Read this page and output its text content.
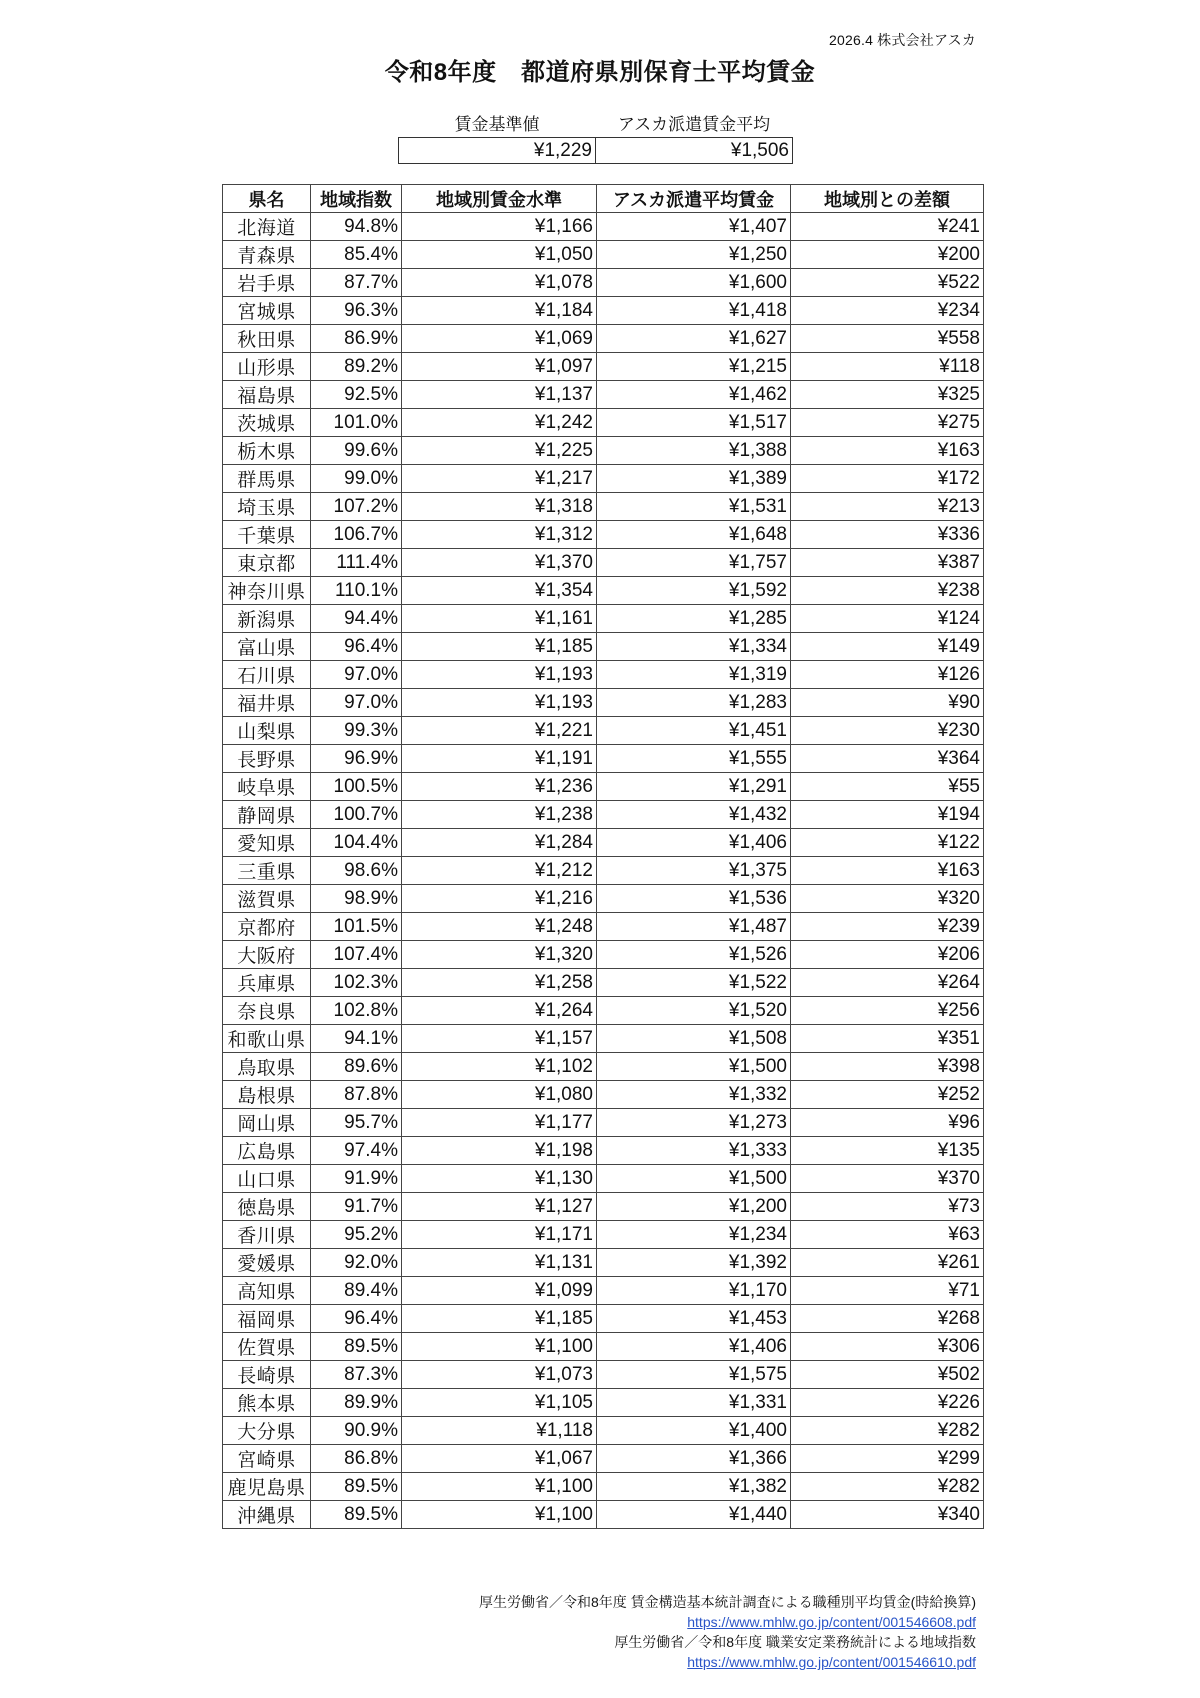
2026.4 株式会社アスカ
令和8年度　都道府県別保育士平均賃金
賃金基準値	アスカ派遣賃金平均
¥1,229	¥1,506
県名	地域指数	地域別賃金水準	アスカ派遣平均賃金	地域別との差額
北海道	94.8%	¥1,166	¥1,407	¥241
青森県	85.4%	¥1,050	¥1,250	¥200
岩手県	87.7%	¥1,078	¥1,600	¥522
宮城県	96.3%	¥1,184	¥1,418	¥234
秋田県	86.9%	¥1,069	¥1,627	¥558
山形県	89.2%	¥1,097	¥1,215	¥118
福島県	92.5%	¥1,137	¥1,462	¥325
茨城県	101.0%	¥1,242	¥1,517	¥275
栃木県	99.6%	¥1,225	¥1,388	¥163
群馬県	99.0%	¥1,217	¥1,389	¥172
埼玉県	107.2%	¥1,318	¥1,531	¥213
千葉県	106.7%	¥1,312	¥1,648	¥336
東京都	111.4%	¥1,370	¥1,757	¥387
神奈川県	110.1%	¥1,354	¥1,592	¥238
新潟県	94.4%	¥1,161	¥1,285	¥124
富山県	96.4%	¥1,185	¥1,334	¥149
石川県	97.0%	¥1,193	¥1,319	¥126
福井県	97.0%	¥1,193	¥1,283	¥90
山梨県	99.3%	¥1,221	¥1,451	¥230
長野県	96.9%	¥1,191	¥1,555	¥364
岐阜県	100.5%	¥1,236	¥1,291	¥55
静岡県	100.7%	¥1,238	¥1,432	¥194
愛知県	104.4%	¥1,284	¥1,406	¥122
三重県	98.6%	¥1,212	¥1,375	¥163
滋賀県	98.9%	¥1,216	¥1,536	¥320
京都府	101.5%	¥1,248	¥1,487	¥239
大阪府	107.4%	¥1,320	¥1,526	¥206
兵庫県	102.3%	¥1,258	¥1,522	¥264
奈良県	102.8%	¥1,264	¥1,520	¥256
和歌山県	94.1%	¥1,157	¥1,508	¥351
鳥取県	89.6%	¥1,102	¥1,500	¥398
島根県	87.8%	¥1,080	¥1,332	¥252
岡山県	95.7%	¥1,177	¥1,273	¥96
広島県	97.4%	¥1,198	¥1,333	¥135
山口県	91.9%	¥1,130	¥1,500	¥370
徳島県	91.7%	¥1,127	¥1,200	¥73
香川県	95.2%	¥1,171	¥1,234	¥63
愛媛県	92.0%	¥1,131	¥1,392	¥261
高知県	89.4%	¥1,099	¥1,170	¥71
福岡県	96.4%	¥1,185	¥1,453	¥268
佐賀県	89.5%	¥1,100	¥1,406	¥306
長崎県	87.3%	¥1,073	¥1,575	¥502
熊本県	89.9%	¥1,105	¥1,331	¥226
大分県	90.9%	¥1,118	¥1,400	¥282
宮崎県	86.8%	¥1,067	¥1,366	¥299
鹿児島県	89.5%	¥1,100	¥1,382	¥282
沖縄県	89.5%	¥1,100	¥1,440	¥340
厚生労働省／令和8年度 賃金構造基本統計調査による職種別平均賃金(時給換算)
https://www.mhlw.go.jp/content/001546608.pdf
厚生労働省／令和8年度 職業安定業務統計による地域指数
https://www.mhlw.go.jp/content/001546610.pdf
